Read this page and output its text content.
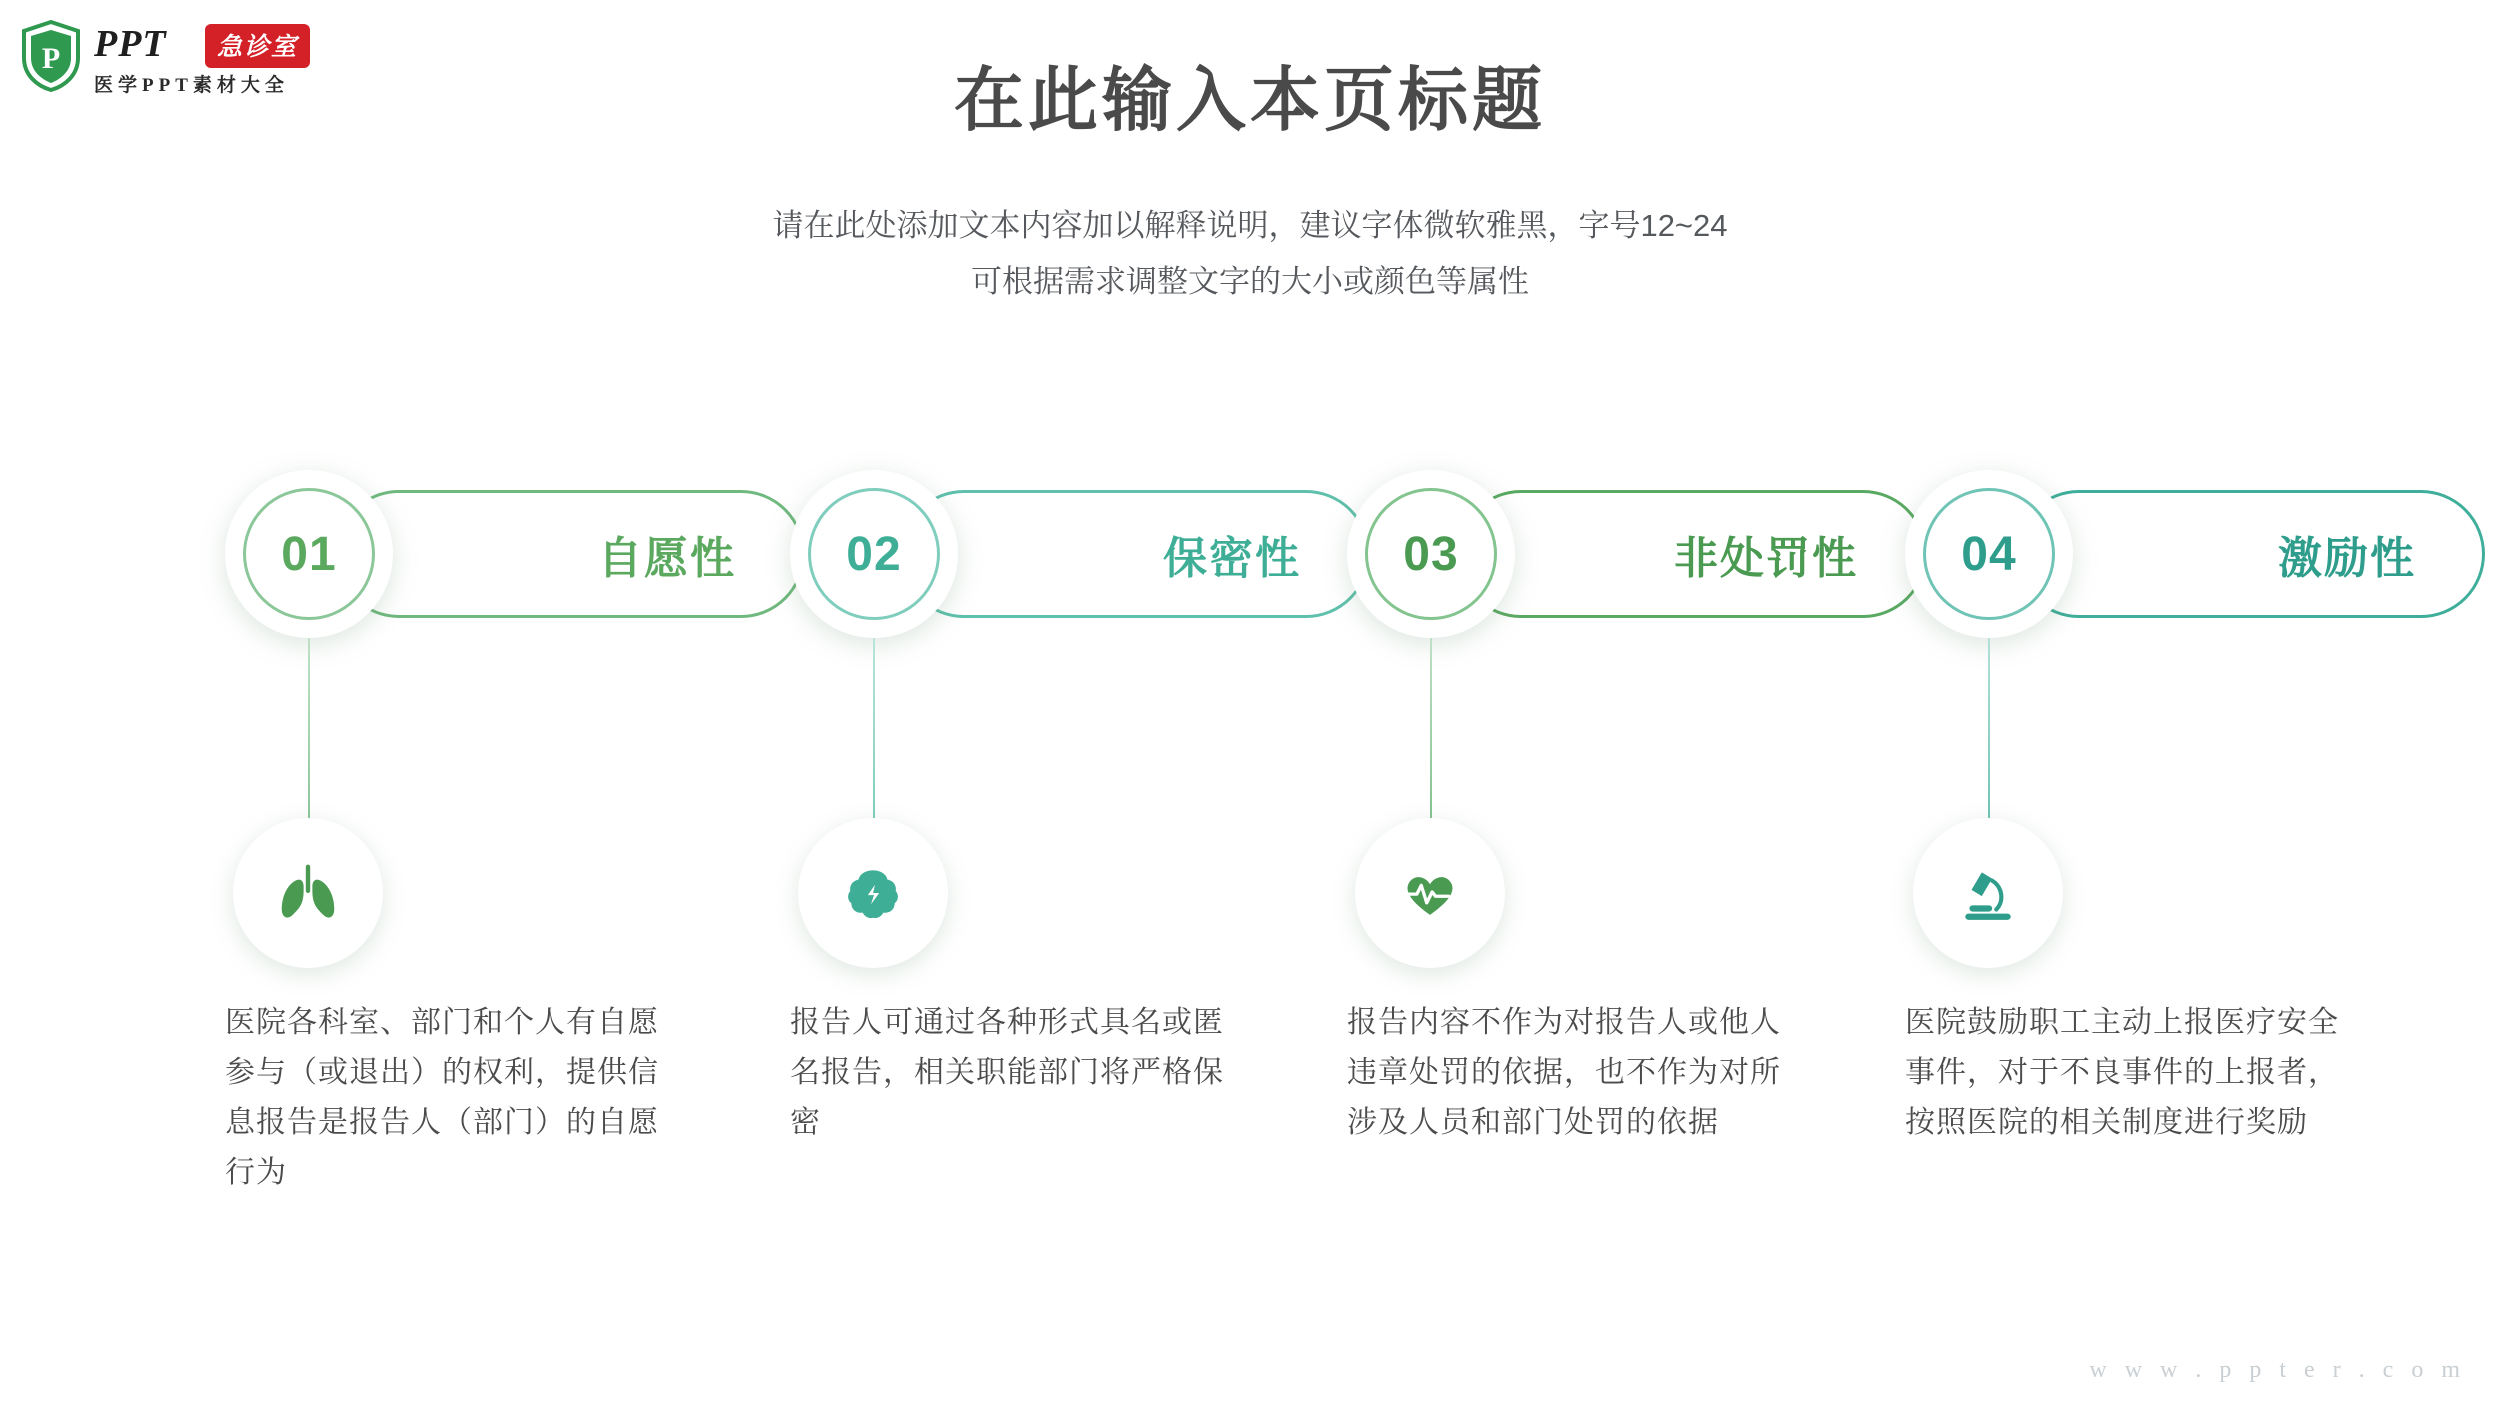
P PPT	急诊室
医学PPT素材大全	在此输入本页标题
请在此处添加文本内容加以解释说明，建议字体微软雅黑，字号12~24
可根据需求调整文字的大小或颜色等属性
自愿性
01
医院各科室、部门和个人有自愿参与（或退出）的权利，提供信息报告是报告人（部门）的自愿行为
保密性
02
报告人可通过各种形式具名或匿名报告，相关职能部门将严格保密
非处罚性
03
报告内容不作为对报告人或他人违章处罚的依据，也不作为对所涉及人员和部门处罚的依据
激励性
04
医院鼓励职工主动上报医疗安全事件，对于不良事件的上报者，按照医院的相关制度进行奖励
w w w . p p t e r . c o m
